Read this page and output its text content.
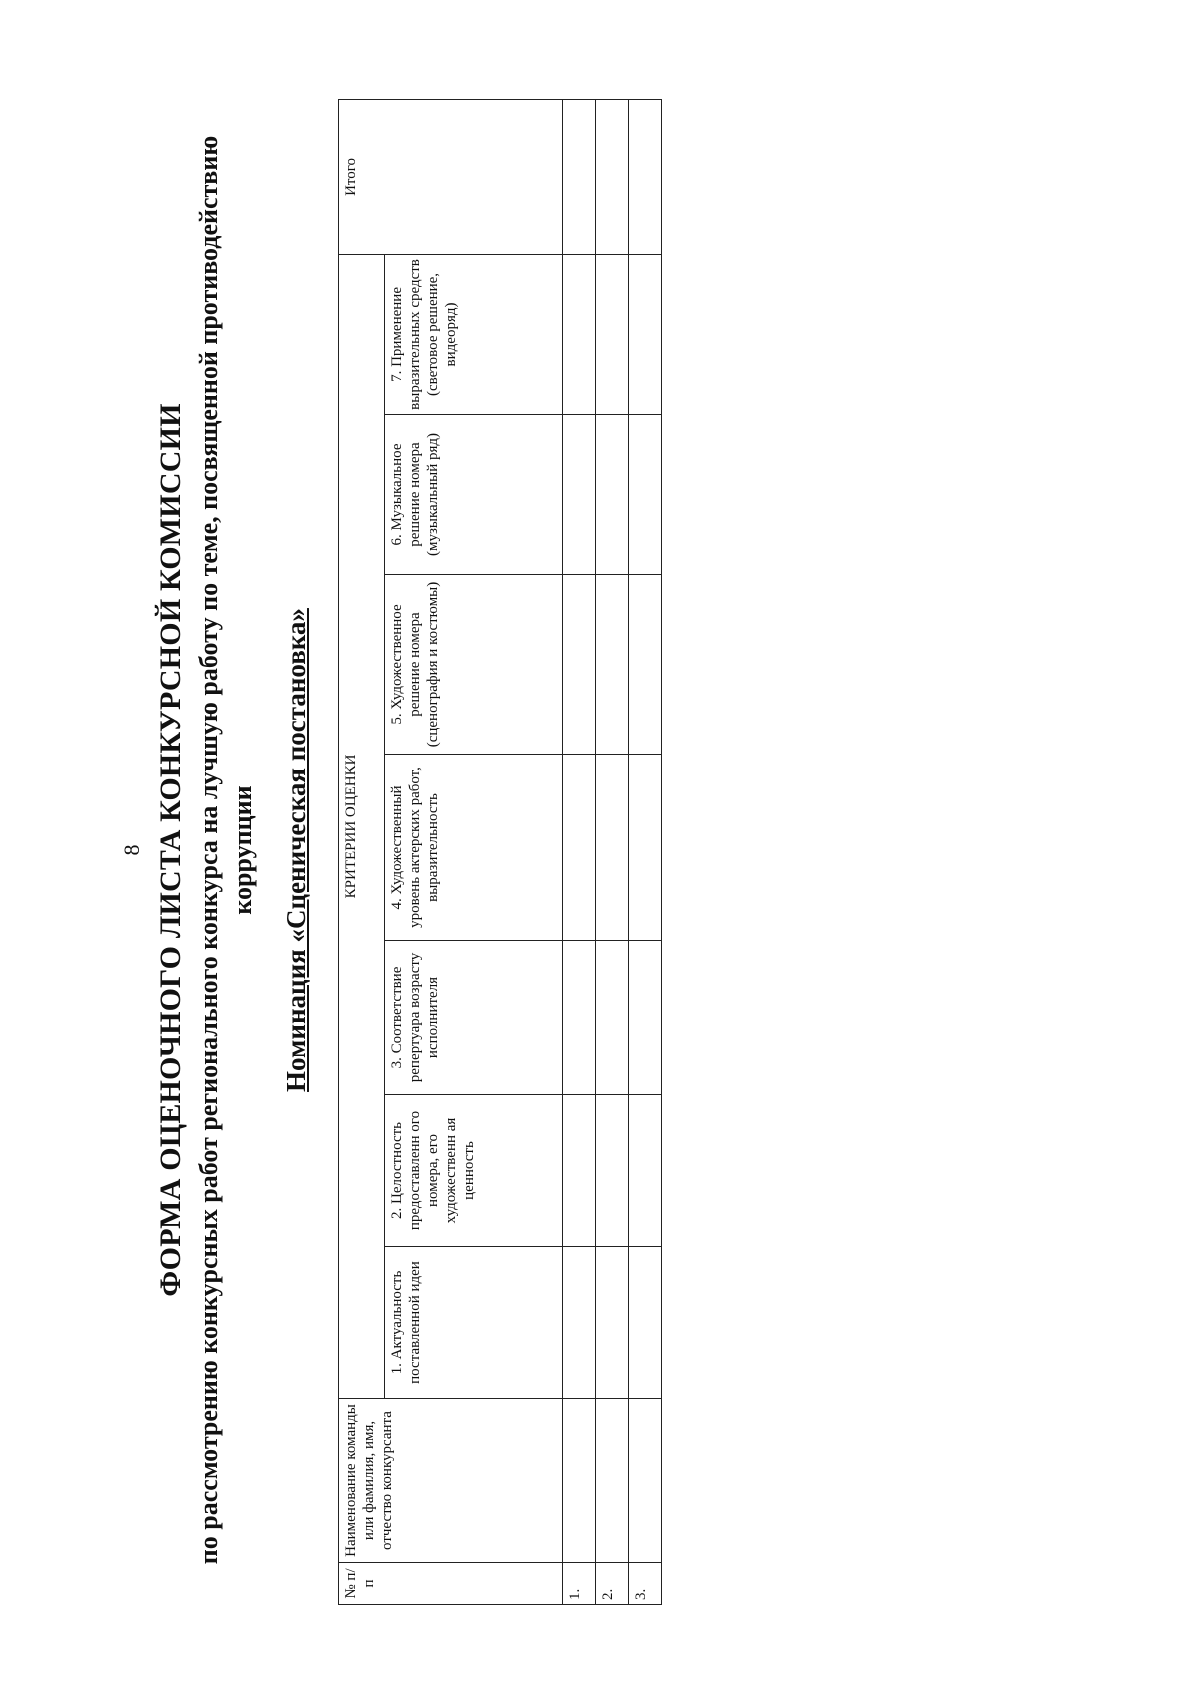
8 ФОРМА ОЦЕНОЧНОГО ЛИСТА КОНКУРСНОЙ КОМИССИИ по рассмотрению конкурсных работ регионального конкурса на лучшую работу по теме, посвященной противодействию коррупции Номинация «Сценическая постановка»
№ п/п	Наименование команды или фамилия, имя, отчество конкурсанта	КРИТЕРИИ ОЦЕНКИ							Итого
		1. Актуальность поставленной идеи	2. Целостность предоставленн ого номера, его художественн ая ценность	3. Соответствие репертуара возрасту исполнителя	4. Художественный уровень актерских работ, выразительность	5. Художественное решение номера (сценография и костюмы)	6. Музыкальное решение номера (музыкальный ряд)	7. Применение выразительных средств (световое решение, видеоряд)	
1.									
2.									
3.									
